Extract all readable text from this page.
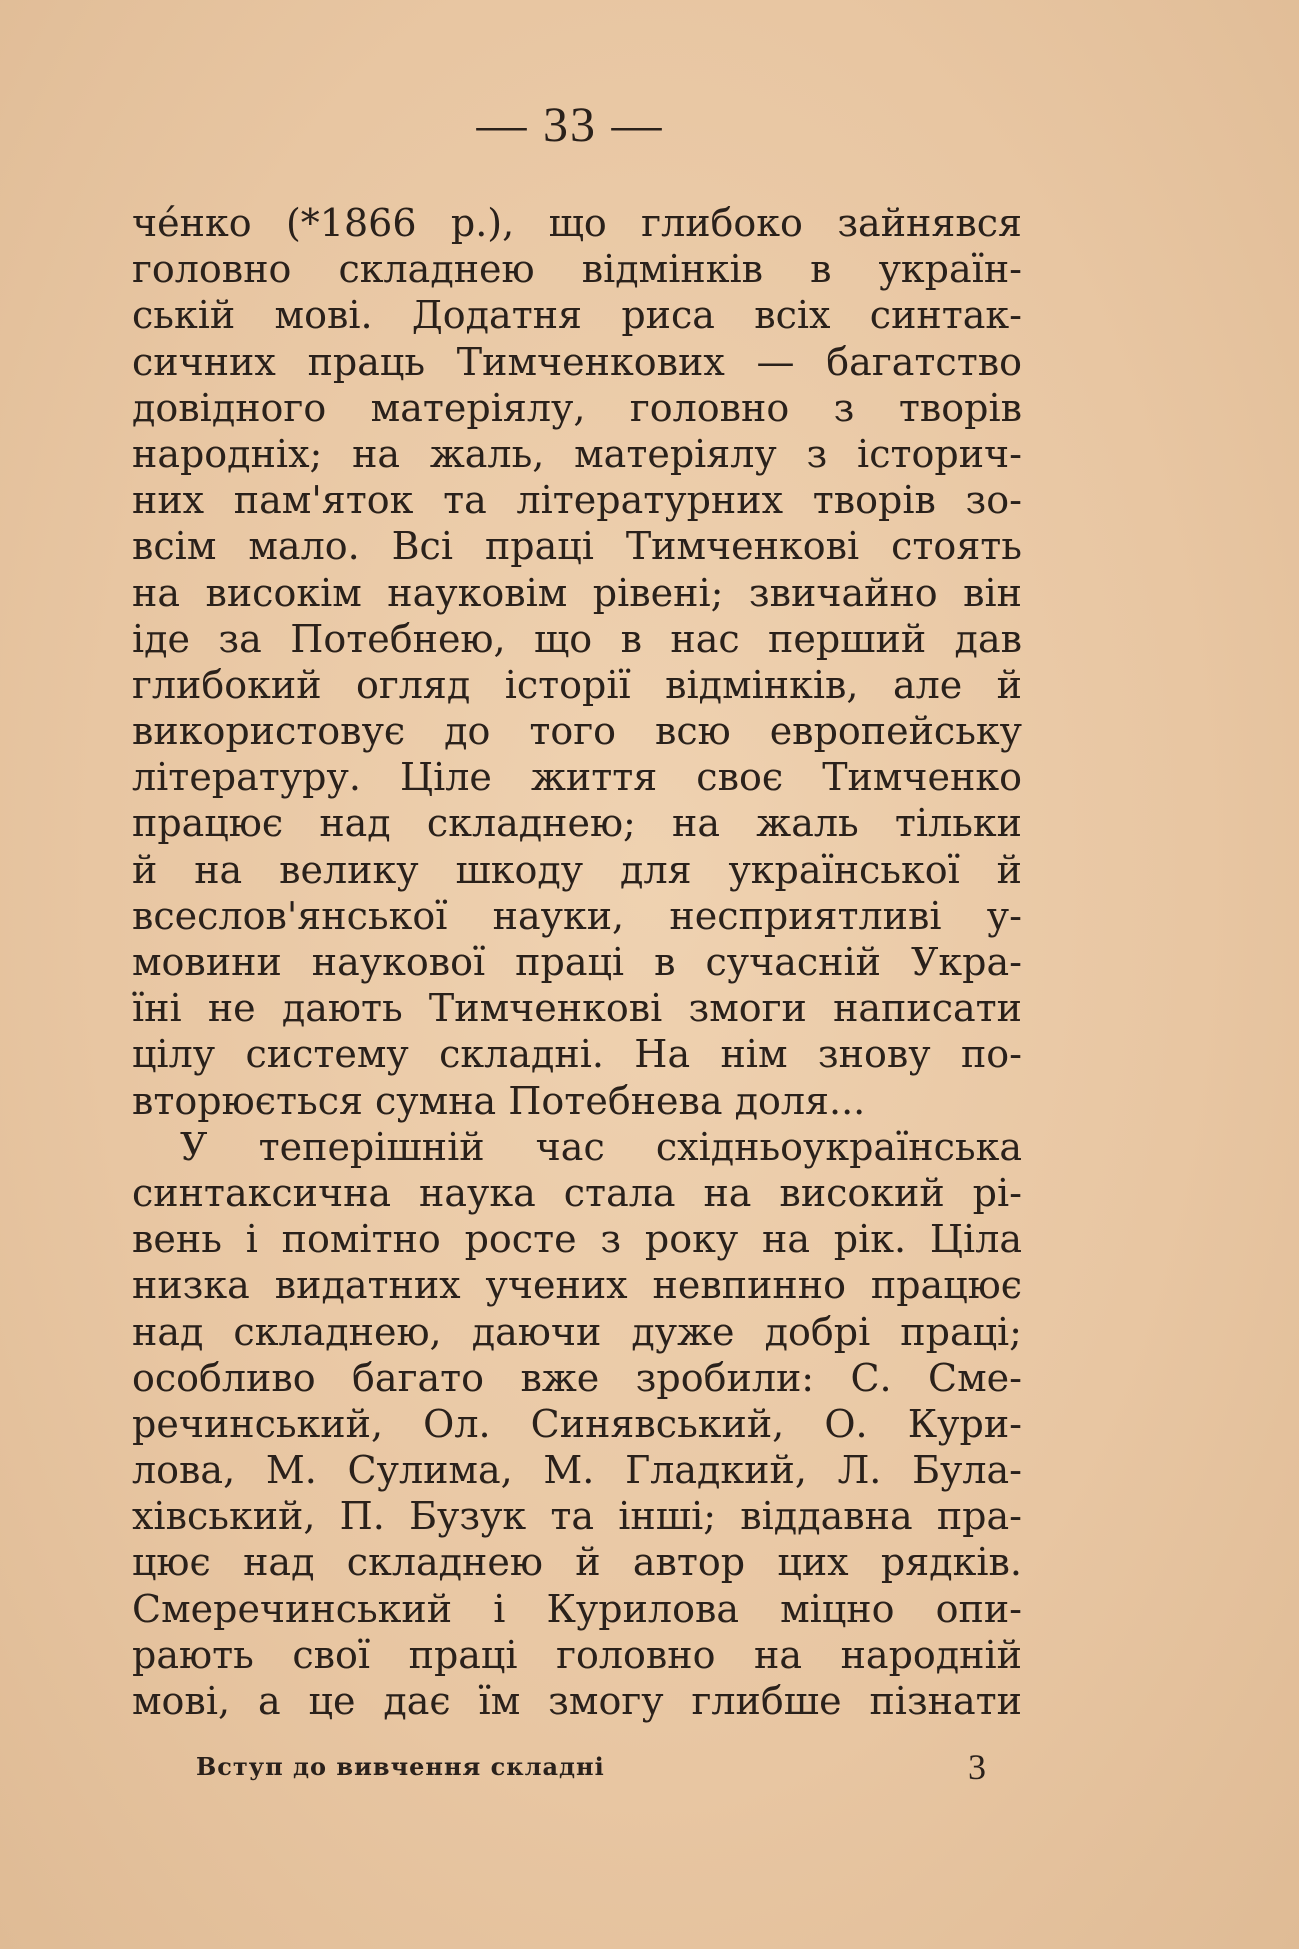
— 33 —
чéнко (*1866 р.), що глибоко зайнявся
головно складнею відмінків в україн-
ській мові. Додатня риса всіх синтак-
сичних праць Тимченкових — багатство
довідного матеріялу, головно з творів
народніх; на жаль, матеріялу з історич-
них пам'яток та літературних творів зо-
всім мало. Всі праці Тимченкові стоять
на високім науковім рівені; звичайно він
іде за Потебнею, що в нас перший дав
глибокий огляд історії відмінків, але й
використовує до того всю европейську
літературу. Ціле життя своє Тимченко
працює над складнею; на жаль тільки
й на велику шкоду для української й
всеслов'янської науки, несприятливі у-
мовини наукової праці в сучасній Укра-
їні не дають Тимченкові змоги написати
цілу систему складні. На нім знову по-
вторюється сумна Потебнева доля...
У теперішній час східньоукраїнська
синтаксична наука стала на високий рі-
вень і помітно росте з року на рік. Ціла
низка видатних учених невпинно працює
над складнею, даючи дуже добрі праці;
особливо багато вже зробили: С. Сме-
речинський, Ол. Синявський, О. Кури-
лова, М. Сулима, М. Гладкий, Л. Була-
хівський, П. Бузук та інші; віддавна пра-
цює над складнею й автор цих рядків.
Смеречинський і Курилова міцно опи-
рають свої праці головно на народній
мові, а це дає їм змогу глибше пізнати
Вступ до вивчення складні	3
